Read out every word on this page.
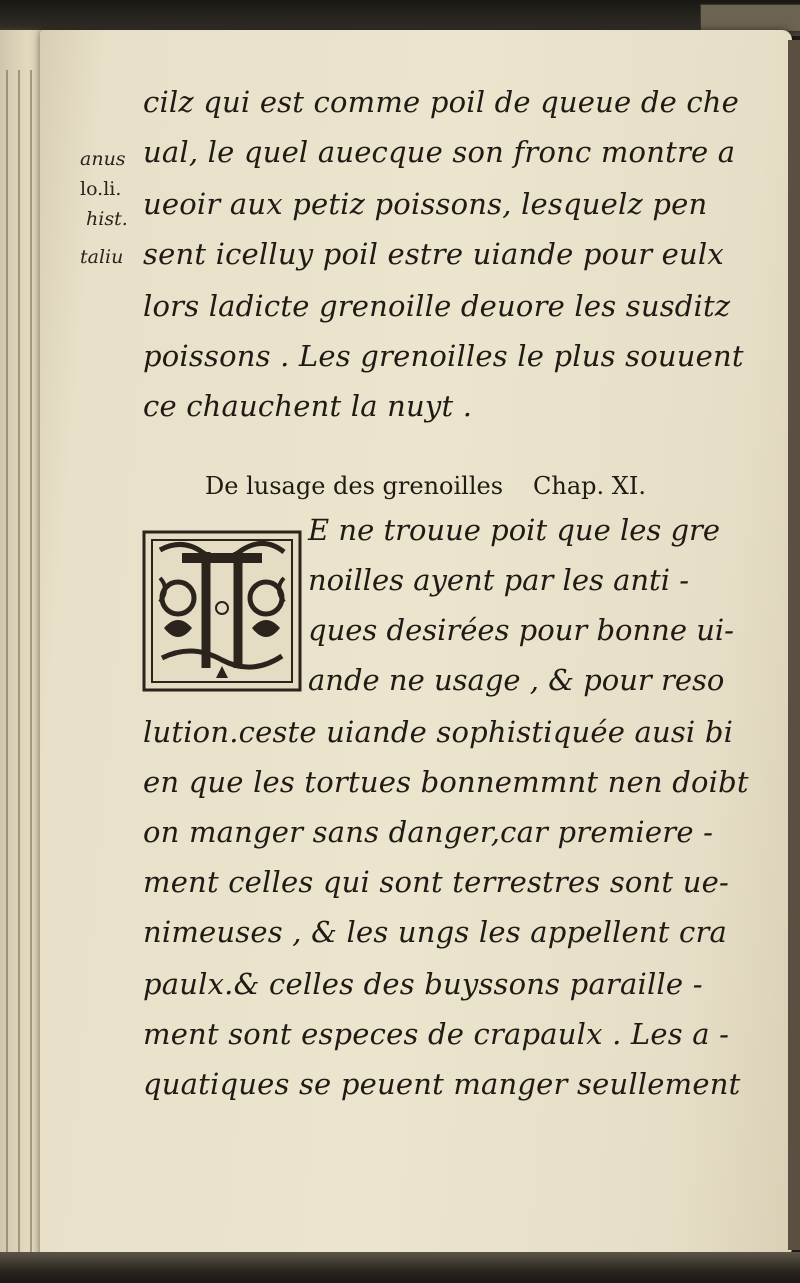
anus
lo.li.
hist.
taliu
cilz qui est comme poil de queue de che
ual, le quel auecque son fronc montre a
ueoir aux petiz poissons, lesquelz pen
sent icelluy poil estre uiande pour eulx
lors ladicte grenoille deuore les susditz
poissons . Les grenoilles le plus souuent
ce chauchent la nuyt .
De lusage des grenoilles Chap. XI.
E ne trouue poit que les gre
noilles ayent par les anti -
ques desirées pour bonne ui-
ande ne usage , & pour reso
lution.ceste uiande sophistiquée ausi bi
en que les tortues bonnemmnt nen doibt
on manger sans danger,car premiere -
ment celles qui sont terrestres sont ue-
nimeuses , & les ungs les appellent cra
paulx.& celles des buyssons paraille -
ment sont especes de crapaulx . Les a -
quatiques se peuent manger seullement
